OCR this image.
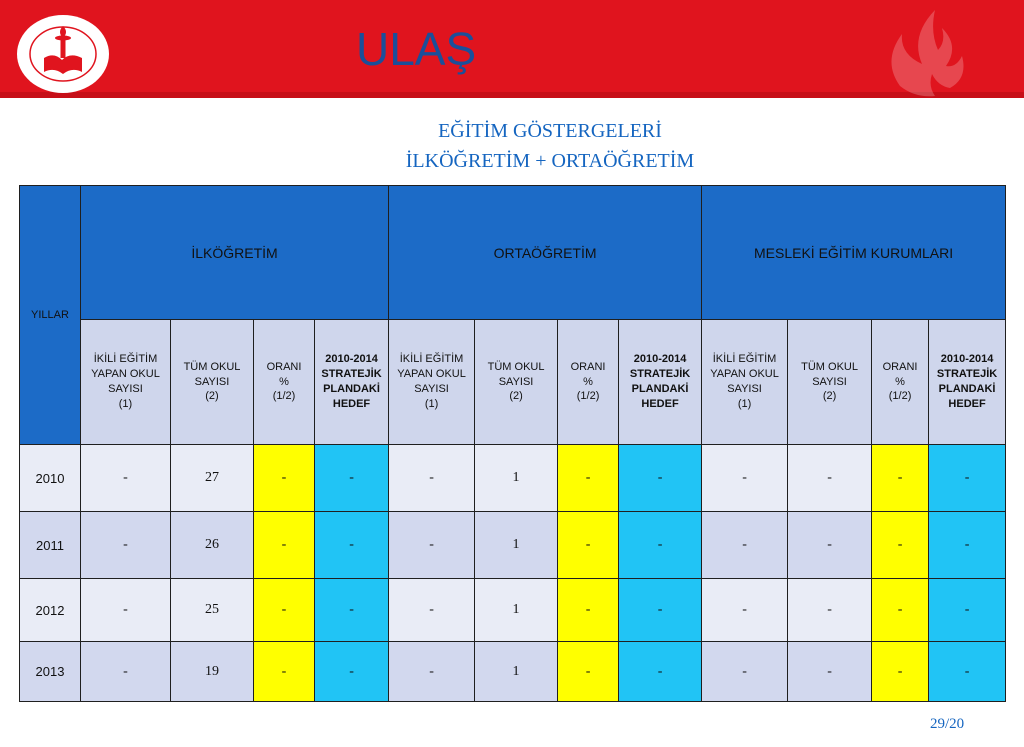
ULAŞ
EĞİTİM GÖSTERGELERİ
İLKÖĞRETİM + ORTAÖĞRETİM
YILLAR	İLKÖĞRETİM				ORTAÖĞRETİM				MESLEKİ EĞİTİM KURUMLARI			
	İKİLİ EĞİTİM
YAPAN OKUL
SAYISI
(1)	TÜM OKUL
SAYISI
(2)	ORANI
%
(1/2)	2010-2014
STRATEJİK
PLANDAKİ
HEDEF	İKİLİ EĞİTİM
YAPAN OKUL
SAYISI
(1)	TÜM OKUL
SAYISI
(2)	ORANI
%
(1/2)	2010-2014
STRATEJİK
PLANDAKİ
HEDEF	İKİLİ EĞİTİM
YAPAN OKUL
SAYISI
(1)	TÜM OKUL
SAYISI
(2)	ORANI
%
(1/2)	2010-2014
STRATEJİK
PLANDAKİ
HEDEF
2010	-	27	-	-	-	1	-	-	-	-	-	-
2011	-	26	-	-	-	1	-	-	-	-	-	-
2012	-	25	-	-	-	1	-	-	-	-	-	-
2013	-	19	-	-	-	1	-	-	-	-	-	-
29/20
